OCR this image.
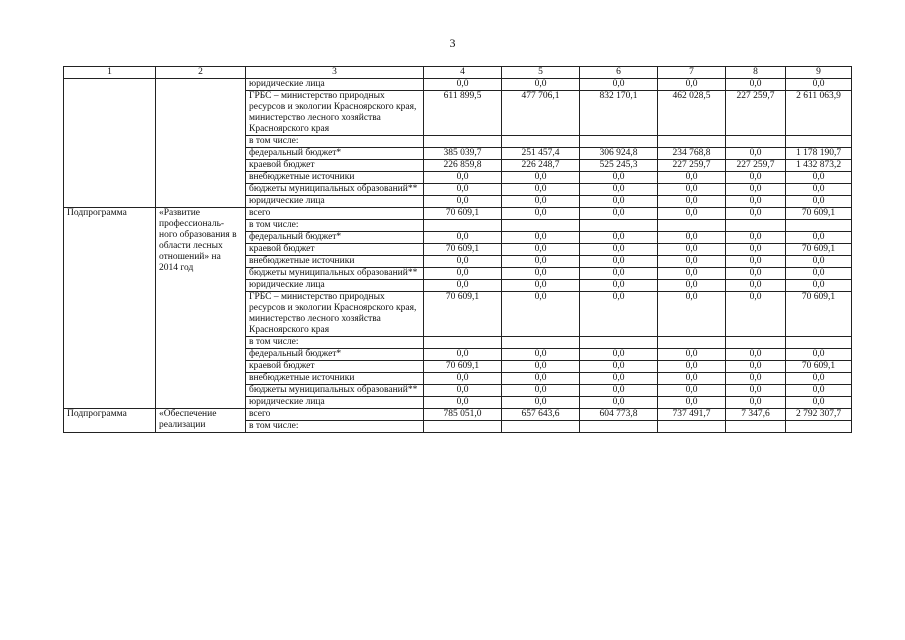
3
1	2	3	4	5	6	7	8	9
		юридические лица	0,0	0,0	0,0	0,0	0,0	0,0
		ГРБС – министерство природных ресурсов и экологии Красноярского края, министерство лесного хозяйства Красноярского края	611 899,5	477 706,1	832 170,1	462 028,5	227 259,7	2 611 063,9
		в том числе:						
		федеральный бюджет*	385 039,7	251 457,4	306 924,8	234 768,8	0,0	1 178 190,7
		краевой бюджет	226 859,8	226 248,7	525 245,3	227 259,7	227 259,7	1 432 873,2
		внебюджетные источники	0,0	0,0	0,0	0,0	0,0	0,0
		бюджеты муниципальных образований**	0,0	0,0	0,0	0,0	0,0	0,0
		юридические лица	0,0	0,0	0,0	0,0	0,0	0,0
Подпрограмма	«Развитие профессиональ-ного образования в области лесных отношений» на 2014 год	всего	70 609,1	0,0	0,0	0,0	0,0	70 609,1
		в том числе:						
		федеральный бюджет*	0,0	0,0	0,0	0,0	0,0	0,0
		краевой бюджет	70 609,1	0,0	0,0	0,0	0,0	70 609,1
		внебюджетные источники	0,0	0,0	0,0	0,0	0,0	0,0
		бюджеты муниципальных образований**	0,0	0,0	0,0	0,0	0,0	0,0
		юридические лица	0,0	0,0	0,0	0,0	0,0	0,0
		ГРБС – министерство природных ресурсов и экологии Красноярского края, министерство лесного хозяйства Красноярского края	70 609,1	0,0	0,0	0,0	0,0	70 609,1
		в том числе:						
		федеральный бюджет*	0,0	0,0	0,0	0,0	0,0	0,0
		краевой бюджет	70 609,1	0,0	0,0	0,0	0,0	70 609,1
		внебюджетные источники	0,0	0,0	0,0	0,0	0,0	0,0
		бюджеты муниципальных образований**	0,0	0,0	0,0	0,0	0,0	0,0
		юридические лица	0,0	0,0	0,0	0,0	0,0	0,0
Подпрограмма	«Обеспечение реализации	всего	785 051,0	657 643,6	604 773,8	737 491,7	7 347,6	2 792 307,7
		в том числе:						
